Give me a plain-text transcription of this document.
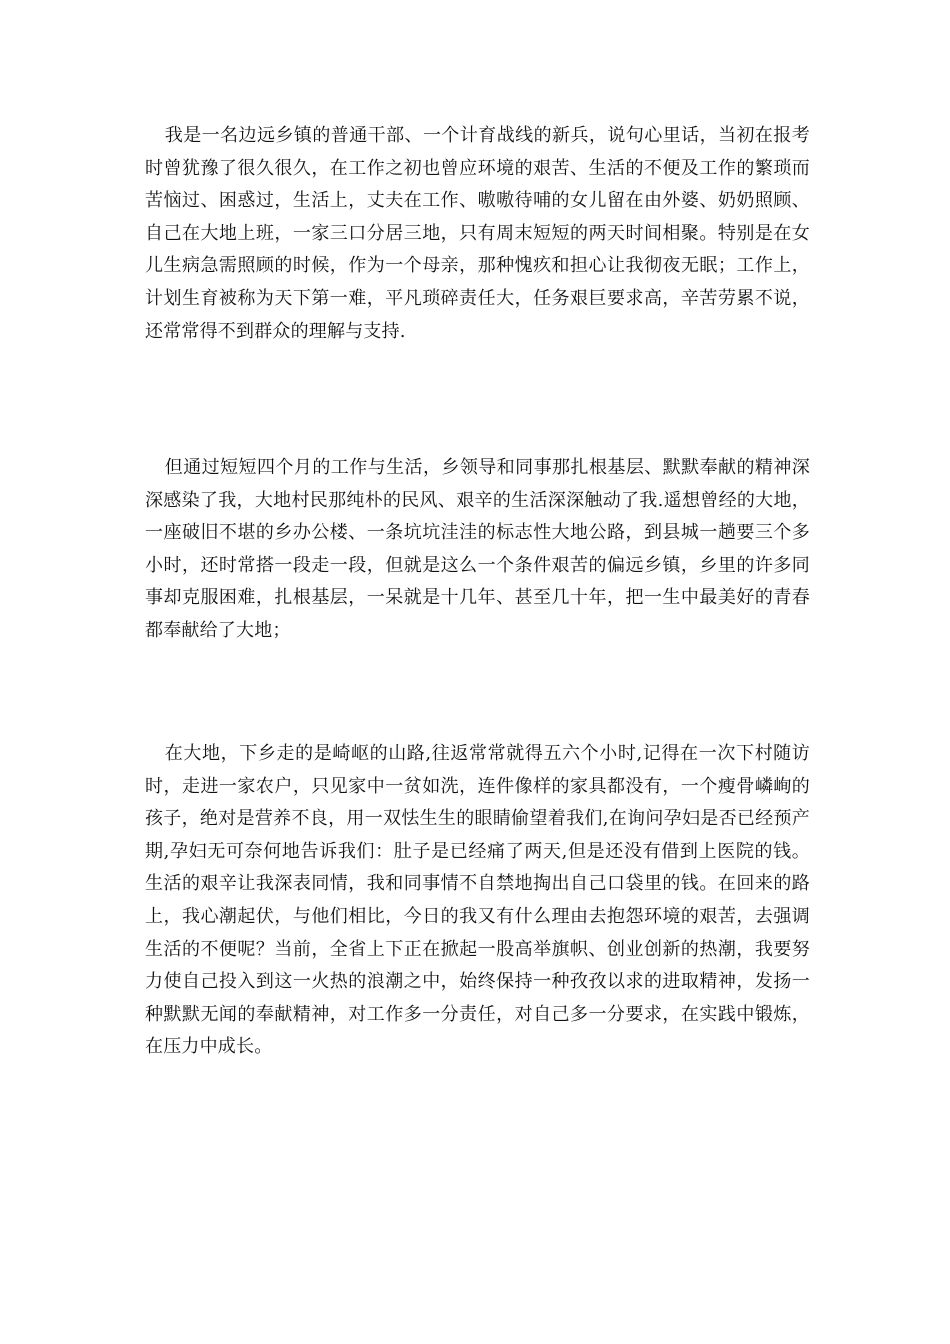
我是一名边远乡镇的普通干部、一个计育战线的新兵，说句心里话，当初在报考时曾犹豫了很久很久，在工作之初也曾应环境的艰苦、生活的不便及工作的繁琐而苦恼过、困惑过，生活上，丈夫在工作、嗷嗷待哺的女儿留在由外婆、奶奶照顾、自己在大地上班，一家三口分居三地，只有周末短短的两天时间相聚。特别是在女儿生病急需照顾的时候，作为一个母亲，那种愧疚和担心让我彻夜无眠；工作上，计划生育被称为天下第一难，平凡琐碎责任大，任务艰巨要求高，辛苦劳累不说，还常常得不到群众的理解与支持.

但通过短短四个月的工作与生活，乡领导和同事那扎根基层、默默奉献的精神深深感染了我，大地村民那纯朴的民风、艰辛的生活深深触动了我.遥想曾经的大地，一座破旧不堪的乡办公楼、一条坑坑洼洼的标志性大地公路，到县城一趟要三个多小时，还时常搭一段走一段，但就是这么一个条件艰苦的偏远乡镇，乡里的许多同事却克服困难，扎根基层，一呆就是十几年、甚至几十年，把一生中最美好的青春都奉献给了大地；

在大地，下乡走的是崎岖的山路,往返常常就得五六个小时,记得在一次下村随访时，走进一家农户，只见家中一贫如洗，连件像样的家具都没有，一个瘦骨嶙峋的孩子，绝对是营养不良，用一双怯生生的眼睛偷望着我们,在询问孕妇是否已经预产期,孕妇无可奈何地告诉我们：肚子是已经痛了两天,但是还没有借到上医院的钱。 生活的艰辛让我深表同情，我和同事情不自禁地掏出自己口袋里的钱。在回来的路上，我心潮起伏，与他们相比，今日的我又有什么理由去抱怨环境的艰苦，去强调生活的不便呢？当前，全省上下正在掀起一股高举旗帜、创业创新的热潮，我要努力使自己投入到这一火热的浪潮之中，始终保持一种孜孜以求的进取精神，发扬一种默默无闻的奉献精神，对工作多一分责任，对自己多一分要求，在实践中锻炼，在压力中成长。
